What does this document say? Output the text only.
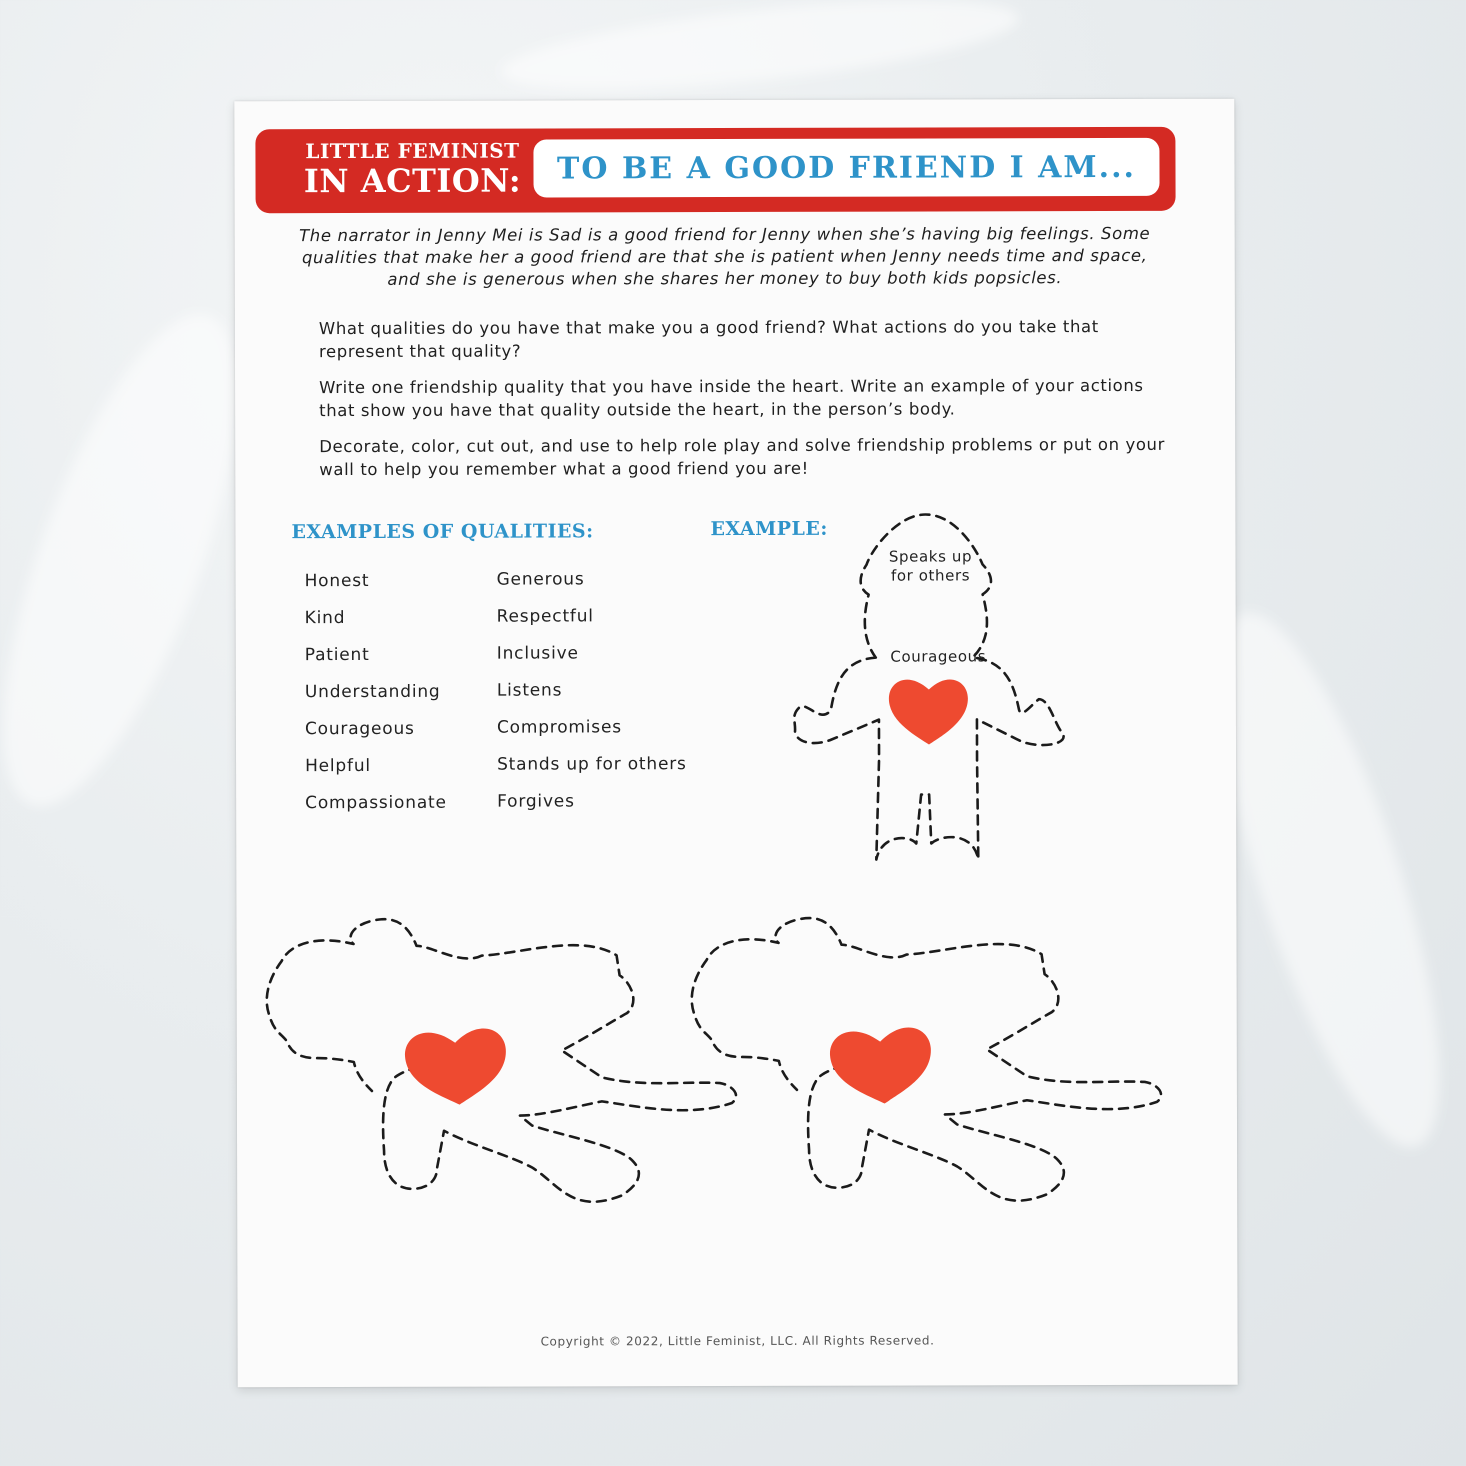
LITTLE FEMINIST
IN ACTION:	TO BE A GOOD FRIEND I AM...
The narrator in Jenny Mei is Sad is a good friend for Jenny when she’s having big feelings. Some qualities that make her a good friend are that she is patient when Jenny needs time and space, and she is generous when she shares her money to buy both kids popsicles.
What qualities do you have that make you a good friend? What actions do you take that represent that quality?
Write one friendship quality that you have inside the heart. Write an example of your actions that show you have that quality outside the heart, in the person’s body.
Decorate, color, cut out, and use to help role play and solve friendship problems or put on your wall to help you remember what a good friend you are!
EXAMPLES OF QUALITIES:	EXAMPLE:
Honest
Kind
Patient
Understanding
Courageous
Helpful
Compassionate
Generous
Respectful
Inclusive
Listens
Compromises
Stands up for others
Forgives
Speaks up
for others
Courageous
Copyright © 2022, Little Feminist, LLC. All Rights Reserved.
